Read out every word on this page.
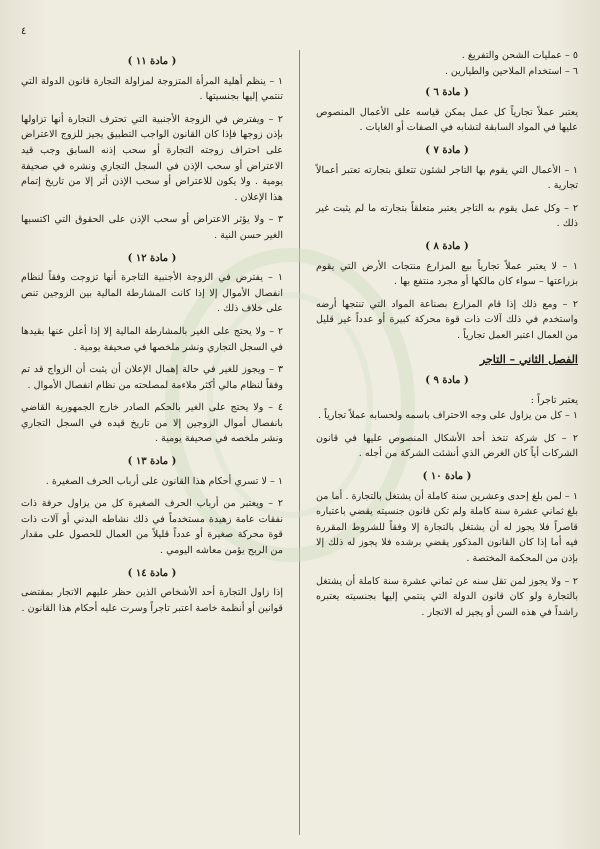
٤
٥ – عمليات الشحن والتفريغ .
٦ – استخدام الملاحين والطيارين .
( مادة ٦ )
يعتبر عملاً تجارياً كل عمل يمكن قياسه على الأعمال المنصوص عليها في المواد السابقة لتشابه في الصفات أو الغايات .
( مادة ٧ )
١ – الأعمال التي يقوم بها التاجر لشئون تتعلق بتجارته تعتبر أعمالاً تجارية .
٢ – وكل عمل يقوم به التاجر يعتبر متعلقاً بتجارته ما لم يثبت غير ذلك .
( مادة ٨ )
١ – لا يعتبر عملاً تجارياً بيع المزارع منتجات الأرض التي يقوم بزراعتها – سواء كان مالكها أو مجرد منتفع بها .
٢ – ومع ذلك إذا قام المزارع بصناعة المواد التي تنتجها أرضه واستخدم في ذلك آلات ذات قوة محركة كبيرة أو عدداً غير قليل من العمال اعتبر العمل تجارياً .
الفصل الثاني – التاجر
( مادة ٩ )
يعتبر تاجراً :
١ – كل من يزاول على وجه الاحتراف باسمه ولحسابه عملاً تجارياً .
٢ – كل شركة تتخذ أحد الأشكال المنصوص عليها في قانون الشركات أياً كان الغرض الذي أنشئت الشركة من أجله .
( مادة ١٠ )
١ – لمن بلغ إحدى وعشرين سنة كاملة أن يشتغل بالتجارة . أما من بلغ ثماني عشرة سنة كاملة ولم تكن قانون جنسيته يقضي باعتباره قاصراً فلا يجوز له أن يشتغل بالتجارة إلا وفقاً للشروط المقررة فيه أما إذا كان القانون المذكور يقضي برشده فلا يجوز له ذلك إلا بإذن من المحكمة المختصة .
٢ – ولا يجوز لمن تقل سنه عن ثماني عشرة سنة كاملة أن يشتغل بالتجارة ولو كان قانون الدولة التي ينتمي إليها بجنسيته يعتبره راشداً في هذه السن أو يجيز له الاتجار .
( مادة ١١ )
١ – ينظم أهلية المرأة المتزوجة لمزاولة التجارة قانون الدولة التي تنتمي إليها بجنسيتها .
٢ – ويفترض في الزوجة الأجنبية التي تحترف التجارة أنها تزاولها بإذن زوجها فإذا كان القانون الواجب التطبيق يجيز للزوج الاعتراض على احتراف زوجته التجارة أو سحب إذنه السابق وجب قيد الاعتراض أو سحب الإذن في السجل التجاري ونشره في صحيفة يومية . ولا يكون للاعتراض أو سحب الإذن أثر إلا من تاريخ إتمام هذا الإعلان .
٣ – ولا يؤثر الاعتراض أو سحب الإذن على الحقوق التي اكتسبها الغير حسن النية .
( مادة ١٢ )
١ – يفترض في الزوجة الأجنبية التاجرة أنها تزوجت وفقاً لنظام انفصال الأموال إلا إذا كانت المشارطة المالية بين الزوجين تنص على خلاف ذلك .
٢ – ولا يحتج على الغير بالمشارطة المالية إلا إذا أعلن عنها بقيدها في السجل التجاري ونشر ملخصها في صحيفة يومية .
٣ – ويجوز للغير في حالة إهمال الإعلان أن يثبت أن الزواج قد تم وفقاً لنظام مالي أكثر ملاءمة لمصلحته من نظام انفصال الأموال .
٤ – ولا يحتج على الغير بالحكم الصادر خارج الجمهورية القاضي بانفصال أموال الزوجين إلا من تاريخ قيده في السجل التجاري ونشر ملخصه في صحيفة يومية .
( مادة ١٣ )
١ – لا تسري أحكام هذا القانون على أرباب الحرف الصغيرة .
٢ – ويعتبر من أرباب الحرف الصغيرة كل من يزاول حرفة ذات نفقات عامة زهيدة مستخدماً في ذلك نشاطه البدني أو آلات ذات قوة محركة صغيرة أو عدداً قليلاً من العمال للحصول على مقدار من الربح يؤمن معاشه اليومي .
( مادة ١٤ )
إذا زاول التجارة أحد الأشخاص الذين حظر عليهم الاتجار بمقتضى قوانين أو أنظمة خاصة اعتبر تاجراً وسرت عليه أحكام هذا القانون .
